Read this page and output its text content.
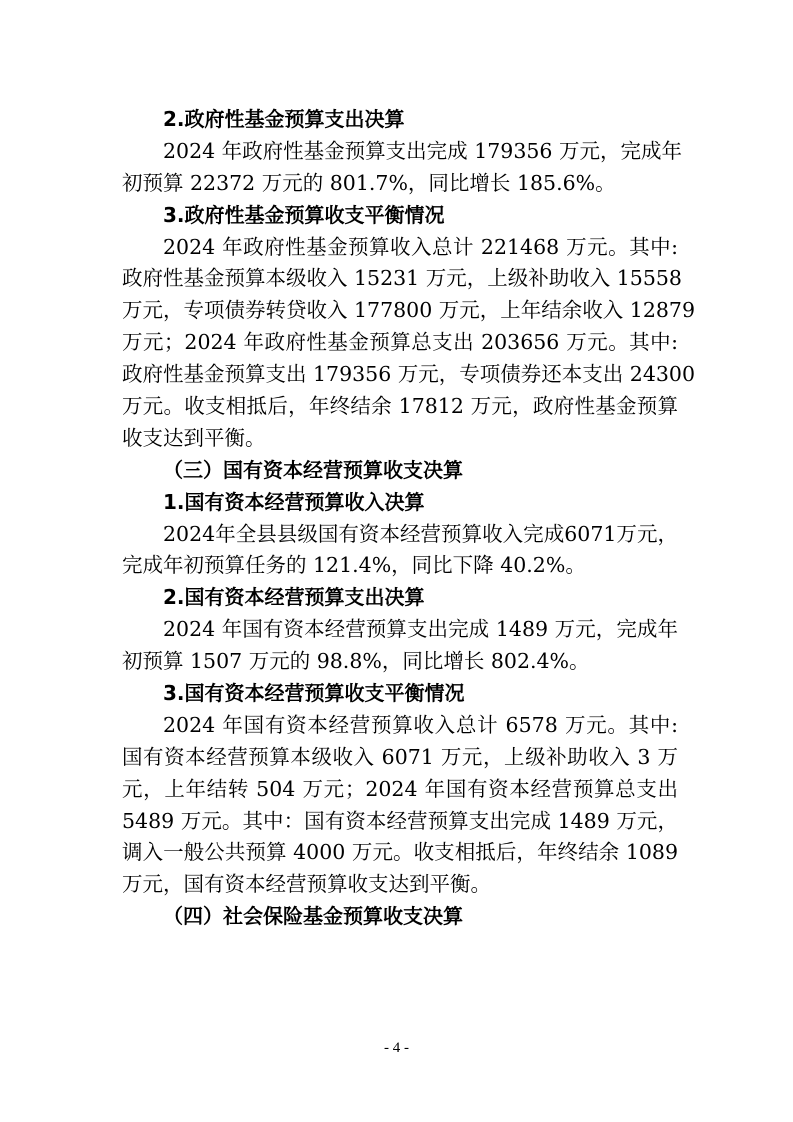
2.政府性基金预算支出决算

2024 年政府性基金预算支出完成 179356 万元，完成年

初预算 22372 万元的 801.7%，同比增长 185.6%。

3.政府性基金预算收支平衡情况

2024 年政府性基金预算收入总计 221468 万元。其中:

政府性基金预算本级收入 15231 万元，上级补助收入 15558

万元，专项债券转贷收入 177800 万元，上年结余收入 12879

万元；2024 年政府性基金预算总支出 203656 万元。其中:

政府性基金预算支出 179356 万元，专项债券还本支出 24300

万元。收支相抵后，年终结余 17812 万元，政府性基金预算

收支达到平衡。

（三）国有资本经营预算收支决算

1.国有资本经营预算收入决算

2024年全县县级国有资本经营预算收入完成6071万元，

完成年初预算任务的 121.4%，同比下降 40.2%。

2.国有资本经营预算支出决算

2024 年国有资本经营预算支出完成 1489 万元，完成年

初预算 1507 万元的 98.8%，同比增长 802.4%。

3.国有资本经营预算收支平衡情况

2024 年国有资本经营预算收入总计 6578 万元。其中:

国有资本经营预算本级收入 6071 万元，上级补助收入 3 万

元，上年结转 504 万元；2024 年国有资本经营预算总支出

5489 万元。其中：国有资本经营预算支出完成 1489 万元，

调入一般公共预算 4000 万元。收支相抵后，年终结余 1089

万元，国有资本经营预算收支达到平衡。

（四）社会保险基金预算收支决算

- 4 -
